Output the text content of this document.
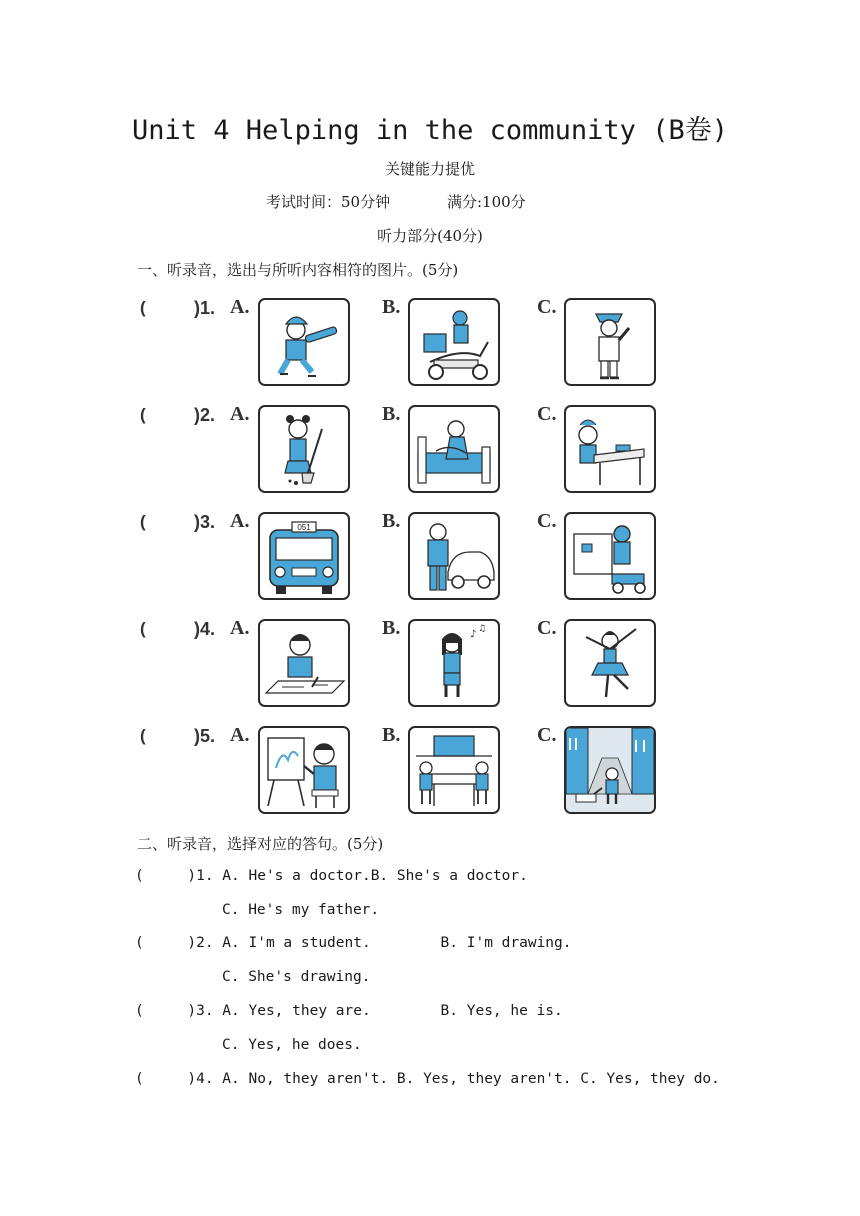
Unit 4 Helping in the community (B卷)
关键能力提优
考试时间：50分钟	满分:100分
听力部分(40分)
一、听录音，选出与所听内容相符的图片。(5分)
(	)1. A.	B.	C.
(	)2. A.	B.	C.
(	)3. A.	051	B.	C.
(	)4. A.	B.	♪ ♫	C.
(	)5. A.	B.	C.
二、听录音，选择对应的答句。(5分)
(     )1. A. He's a doctor.B. She's a doctor.
C. He's my father.
(     )2. A. I'm a student.        B. I'm drawing.
C. She's drawing.
(     )3. A. Yes, they are.        B. Yes, he is.
C. Yes, he does.
(     )4. A. No, they aren't. B. Yes, they aren't. C. Yes, they do.
